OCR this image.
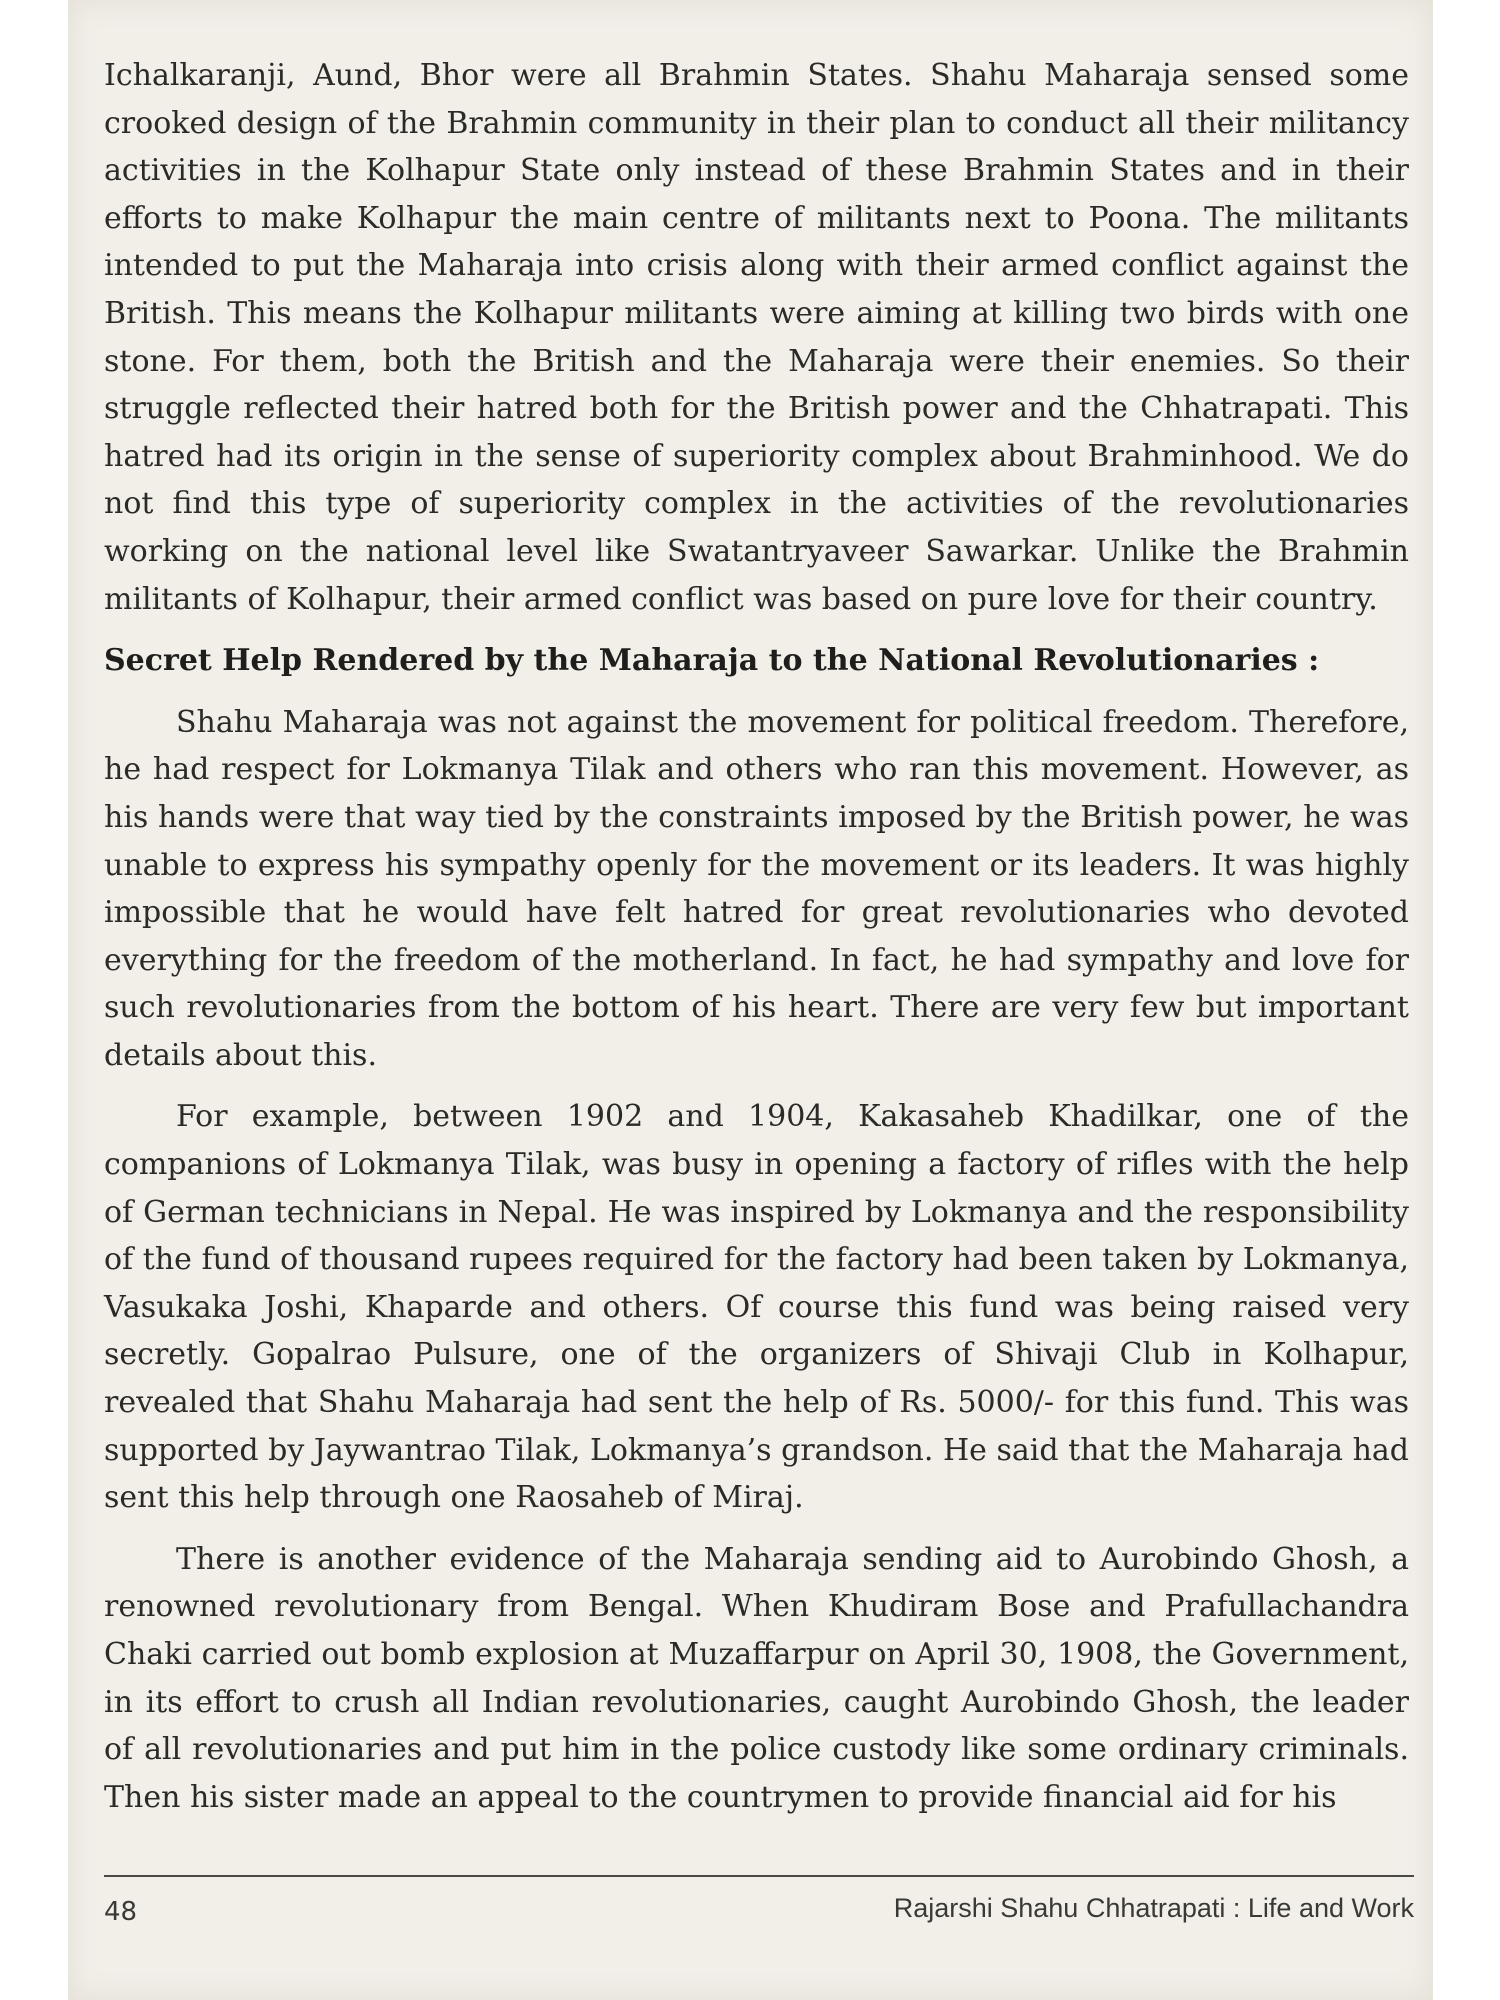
Ichalkaranji, Aund, Bhor were all Brahmin States. Shahu Maharaja sensed some crooked design of the Brahmin community in their plan to conduct all their militancy activities in the Kolhapur State only instead of these Brahmin States and in their efforts to make Kolhapur the main centre of militants next to Poona. The militants intended to put the Maharaja into crisis along with their armed conflict against the British. This means the Kolhapur militants were aiming at killing two birds with one stone. For them, both the British and the Maharaja were their enemies. So their struggle reflected their hatred both for the British power and the Chhatrapati. This hatred had its origin in the sense of superiority complex about Brahminhood. We do not find this type of superiority complex in the activities of the revolutionaries working on the national level like Swatantryaveer Sawarkar. Unlike the Brahmin militants of Kolhapur, their armed conflict was based on pure love for their country.

Secret Help Rendered by the Maharaja to the National Revolutionaries :

Shahu Maharaja was not against the movement for political freedom. Therefore, he had respect for Lokmanya Tilak and others who ran this movement. However, as his hands were that way tied by the constraints imposed by the British power, he was unable to express his sympathy openly for the movement or its leaders. It was highly impossible that he would have felt hatred for great revolutionaries who devoted everything for the freedom of the motherland. In fact, he had sympathy and love for such revolutionaries from the bottom of his heart. There are very few but important details about this.

For example, between 1902 and 1904, Kakasaheb Khadilkar, one of the companions of Lokmanya Tilak, was busy in opening a factory of rifles with the help of German technicians in Nepal. He was inspired by Lokmanya and the responsibility of the fund of thousand rupees required for the factory had been taken by Lokmanya, Vasukaka Joshi, Khaparde and others. Of course this fund was being raised very secretly. Gopalrao Pulsure, one of the organizers of Shivaji Club in Kolhapur, revealed that Shahu Maharaja had sent the help of Rs. 5000/- for this fund. This was supported by Jaywantrao Tilak, Lokmanya’s grandson. He said that the Maharaja had sent this help through one Raosaheb of Miraj.

There is another evidence of the Maharaja sending aid to Aurobindo Ghosh, a renowned revolutionary from Bengal. When Khudiram Bose and Prafullachandra Chaki carried out bomb explosion at Muzaffarpur on April 30, 1908, the Government, in its effort to crush all Indian revolutionaries, caught Aurobindo Ghosh, the leader of all revolutionaries and put him in the police custody like some ordinary criminals. Then his sister made an appeal to the countrymen to provide financial aid for his

48	Rajarshi Shahu Chhatrapati : Life and Work
